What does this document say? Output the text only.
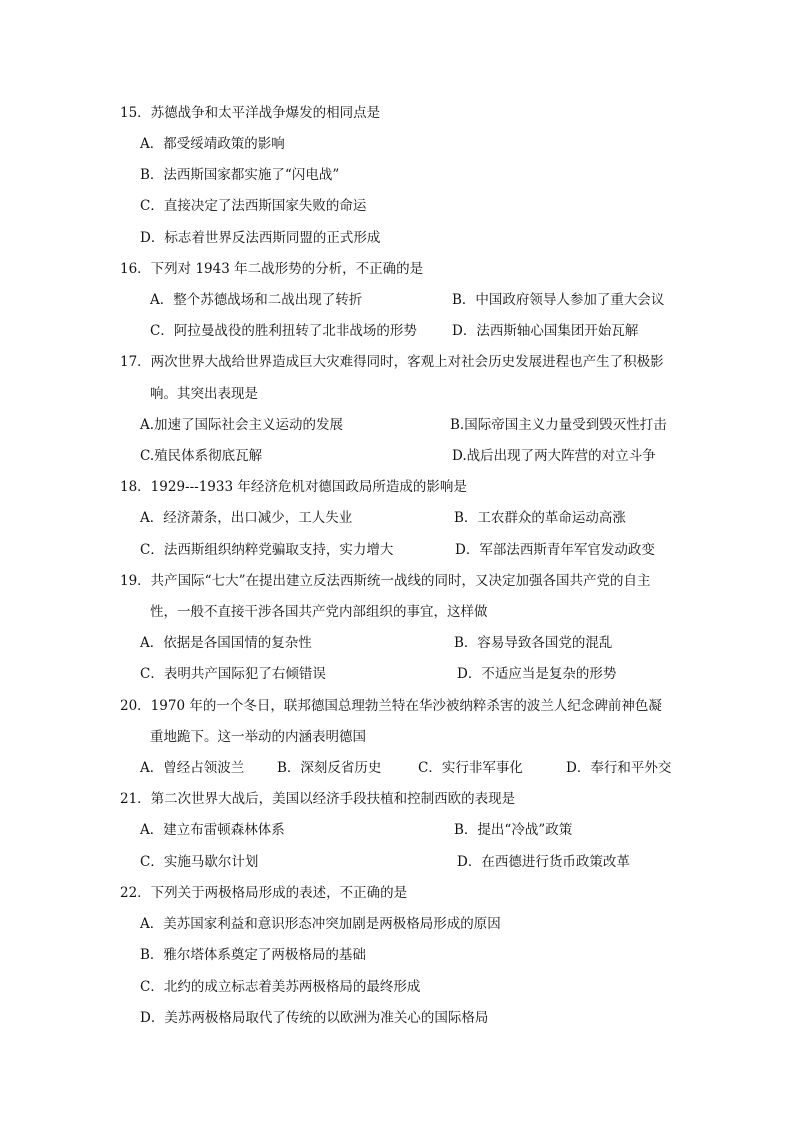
15．苏德战争和太平洋战争爆发的相同点是
A．都受绥靖政策的影响
B．法西斯国家都实施了“闪电战”
C．直接决定了法西斯国家失败的命运
D．标志着世界反法西斯同盟的正式形成
16．下列对 1943 年二战形势的分析，不正确的是
A．整个苏德战场和二战出现了转折	B．中国政府领导人参加了重大会议
C．阿拉曼战役的胜利扭转了北非战场的形势	D．法西斯轴心国集团开始瓦解
17．两次世界大战给世界造成巨大灾难得同时，客观上对社会历史发展进程也产生了积极影
响。其突出表现是
A.加速了国际社会主义运动的发展	B.国际帝国主义力量受到毁灭性打击
C.殖民体系彻底瓦解	D.战后出现了两大阵营的对立斗争
18．1929---1933 年经济危机对德国政局所造成的影响是
A．经济萧条，出口减少，工人失业	B．工农群众的革命运动高涨
C．法西斯组织纳粹党骗取支持，实力增大	D．军部法西斯青年军官发动政变
19．共产国际“七大”在提出建立反法西斯统一战线的同时，又决定加强各国共产党的自主
性，一般不直接干涉各国共产党内部组织的事宜，这样做
A．依据是各国国情的复杂性	B．容易导致各国党的混乱
C．表明共产国际犯了右倾错误	D．不适应当是复杂的形势
20．1970 年的一个冬日，联邦德国总理勃兰特在华沙被纳粹杀害的波兰人纪念碑前神色凝
重地跪下。这一举动的内涵表明德国
A．曾经占领波兰 B．深刻反省历史	C．实行非军事化	D．奉行和平外交
21．第二次世界大战后，美国以经济手段扶植和控制西欧的表现是
A．建立布雷顿森林体系	B．提出“冷战”政策
C．实施马歇尔计划	D．在西德进行货币政策改革
22．下列关于两极格局形成的表述，不正确的是
A．美苏国家利益和意识形态冲突加剧是两极格局形成的原因
B．雅尔塔体系奠定了两极格局的基础
C．北约的成立标志着美苏两极格局的最终形成
D．美苏两极格局取代了传统的以欧洲为准关心的国际格局
